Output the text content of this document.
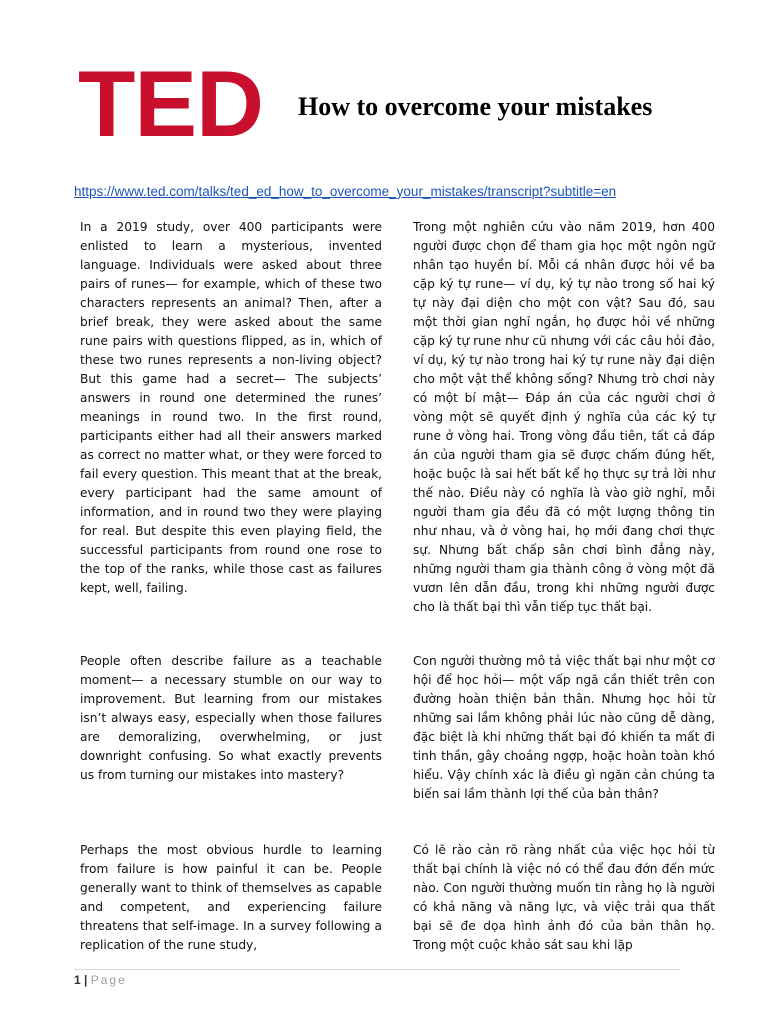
TED How to overcome your mistakes
https://www.ted.com/talks/ted_ed_how_to_overcome_your_mistakes/transcript?subtitle=en

In a 2019 study, over 400 participants were enlisted to learn a mysterious, invented language. Individuals were asked about three pairs of runes— for example, which of these two characters represents an animal? Then, after a brief break, they were asked about the same rune pairs with questions flipped, as in, which of these two runes represents a non-living object? But this game had a secret— The subjects’ answers in round one determined the runes’ meanings in round two. In the first round, participants either had all their answers marked as correct no matter what, or they were forced to fail every question. This meant that at the break, every participant had the same amount of information, and in round two they were playing for real. But despite this even playing field, the successful participants from round one rose to the top of the ranks, while those cast as failures kept, well, failing.

Trong một nghiên cứu vào năm 2019, hơn 400 người được chọn để tham gia học một ngôn ngữ nhân tạo huyền bí. Mỗi cá nhân được hỏi về ba cặp ký tự rune— ví dụ, ký tự nào trong số hai ký tự này đại diện cho một con vật? Sau đó, sau một thời gian nghỉ ngắn, họ được hỏi về những cặp ký tự rune như cũ nhưng với các câu hỏi đảo, ví dụ, ký tự nào trong hai ký tự rune này đại diện cho một vật thể không sống? Nhưng trò chơi này có một bí mật— Đáp án của các người chơi ở vòng một sẽ quyết định ý nghĩa của các ký tự rune ở vòng hai. Trong vòng đầu tiên, tất cả đáp án của người tham gia sẽ được chấm đúng hết, hoặc buộc là sai hết bất kể họ thực sự trả lời như thế nào. Điều này có nghĩa là vào giờ nghỉ, mỗi người tham gia đều đã có một lượng thông tin như nhau, và ở vòng hai, họ mới đang chơi thực sự. Nhưng bất chấp sân chơi bình đẳng này, những người tham gia thành công ở vòng một đã vươn lên dẫn đầu, trong khi những người được cho là thất bại thì vẫn tiếp tục thất bại.

People often describe failure as a teachable moment— a necessary stumble on our way to improvement. But learning from our mistakes isn’t always easy, especially when those failures are demoralizing, overwhelming, or just downright confusing. So what exactly prevents us from turning our mistakes into mastery?

Con người thường mô tả việc thất bại như một cơ hội để học hỏi— một vấp ngã cần thiết trên con đường hoàn thiện bản thân. Nhưng học hỏi từ những sai lầm không phải lúc nào cũng dễ dàng, đặc biệt là khi những thất bại đó khiến ta mất đi tinh thần, gây choáng ngợp, hoặc hoàn toàn khó hiểu. Vậy chính xác là điều gì ngăn cản chúng ta biến sai lầm thành lợi thế của bản thân?

Perhaps the most obvious hurdle to learning from failure is how painful it can be. People generally want to think of themselves as capable and competent, and experiencing failure threatens that self-image. In a survey following a replication of the rune study,

Có lẽ rào cản rõ ràng nhất của việc học hỏi từ thất bại chính là việc nó có thể đau đớn đến mức nào. Con người thường muốn tin rằng họ là người có khả năng và năng lực, và việc trải qua thất bại sẽ đe dọa hình ảnh đó của bản thân họ. Trong một cuộc khảo sát sau khi lặp

1 | Page
